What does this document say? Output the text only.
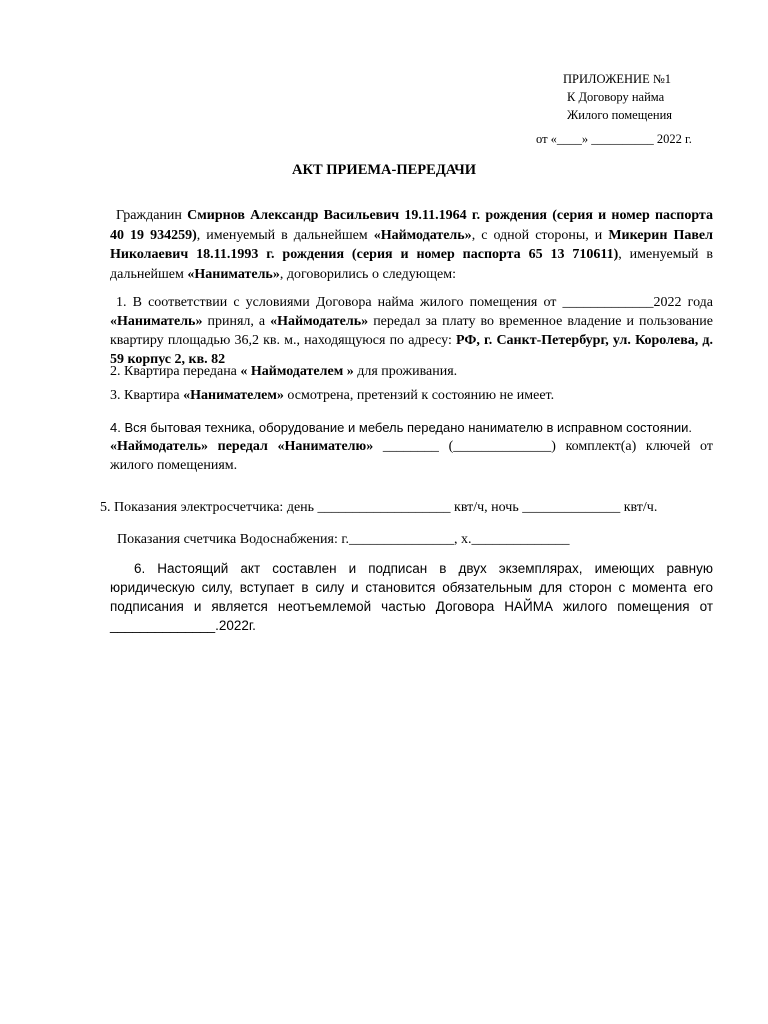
ПРИЛОЖЕНИЕ №1
К Договору найма
Жилого помещения
от «____» __________ 2022 г.
АКТ ПРИЕМА-ПЕРЕДАЧИ

Гражданин Смирнов Александр Васильевич 19.11.1964 г. рождения (серия и номер паспорта 40 19 934259), именуемый в дальнейшем «Наймодатель», с одной стороны, и Микерин Павел Николаевич 18.11.1993 г. рождения (серия и номер паспорта 65 13 710611), именуемый в дальнейшем «Наниматель», договорились о следующем:

1. В соответствии с условиями Договора найма жилого помещения от _____________2022 года «Наниматель» принял, а «Наймодатель» передал за плату во временное владение и пользование квартиру площадью 36,2 кв. м., находящуюся по адресу: РФ, г. Санкт-Петербург, ул. Королева, д. 59 корпус 2, кв. 82

2. Квартира передана « Наймодателем » для проживания.

3. Квартира «Нанимателем» осмотрена, претензий к состоянию не имеет.

4. Вся бытовая техника, оборудование и мебель передано нанимателю в исправном состоянии.

«Наймодатель» передал «Нанимателю» ________ (______________) комплект(а) ключей от жилого помещениям.

5. Показания электросчетчика: день ___________________ квт/ч, ночь ______________ квт/ч.
Показания счетчика Водоснабжения: г._______________, х.______________

6. Настоящий акт составлен и подписан в двух экземплярах, имеющих равную юридическую силу, вступает в силу и становится обязательным для сторон с момента его подписания и является неотъемлемой частью Договора НАЙМА жилого помещения от ______________.2022г.
